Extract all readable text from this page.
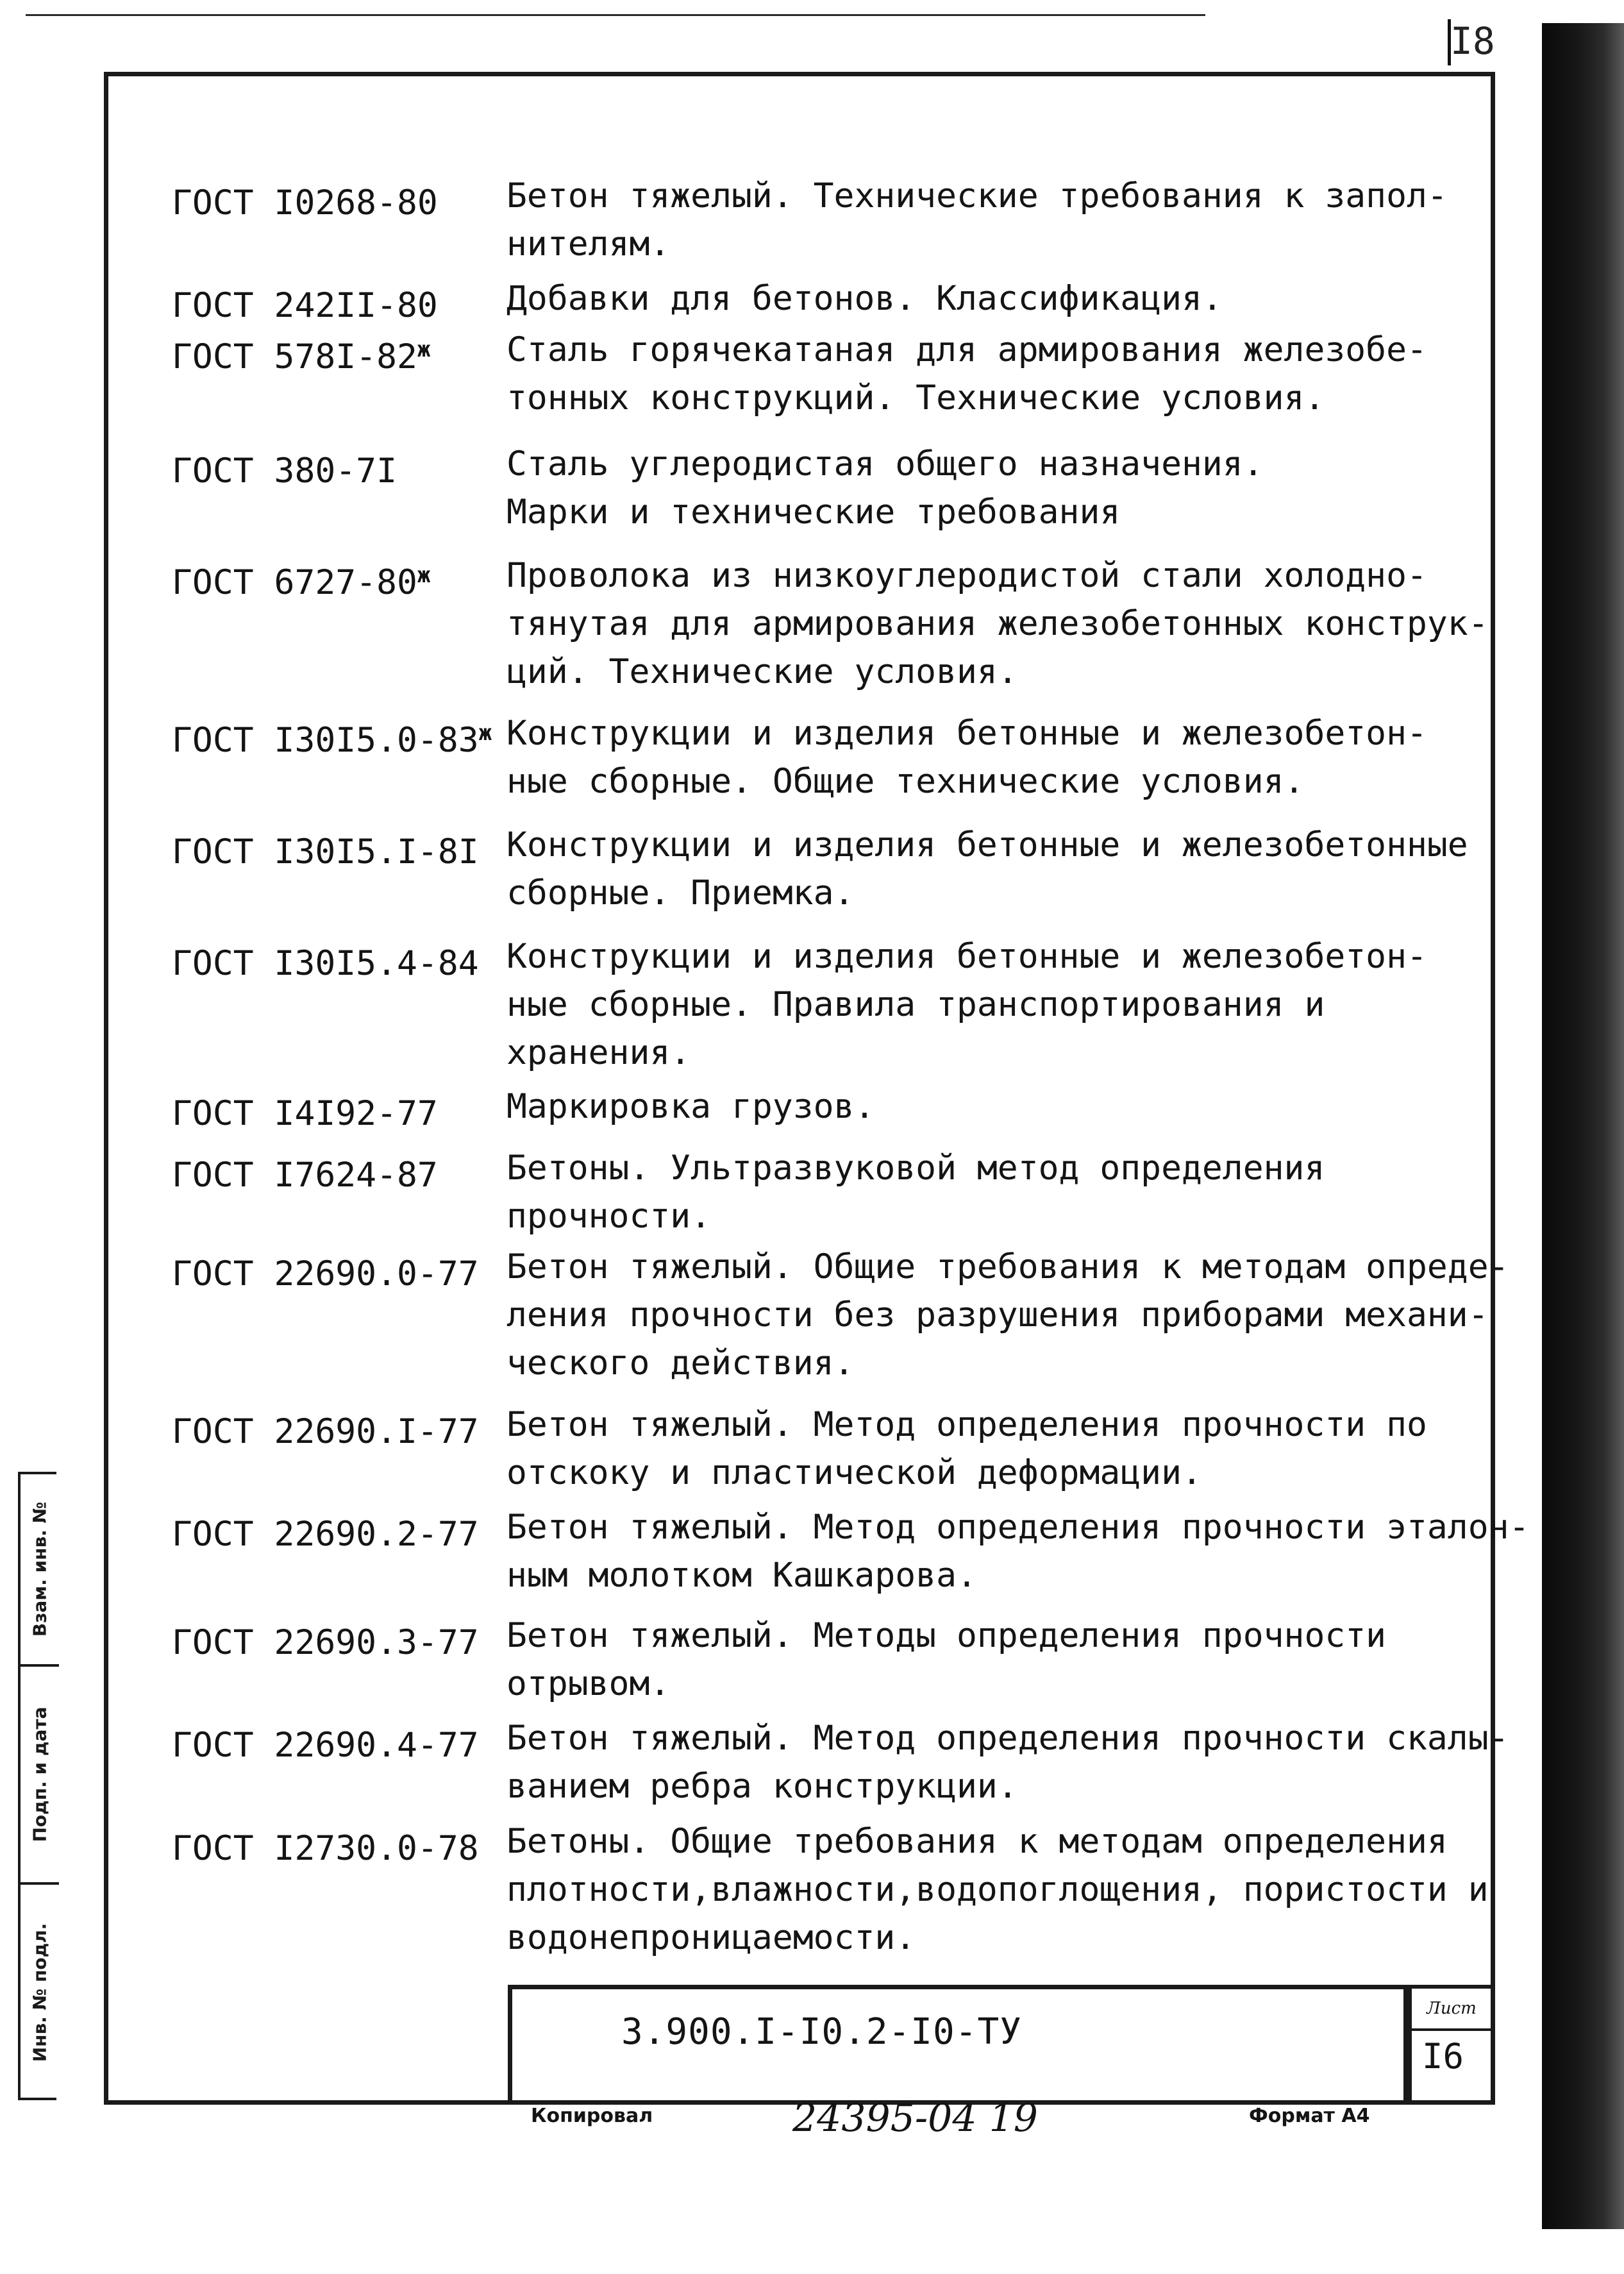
I8
Взам. инв. №
Подп. и дата
Инв. № подл.
ГОСТ I0268-80 Бетон тяжелый. Технические требования к запол-
нителям.
ГОСТ 242II-80 Добавки для бетонов. Классификация.
ГОСТ $578I-82^ж$ Сталь горячекатаная для армирования железобе-
тонных конструкций. Технические условия.
ГОСТ 380-7I	Сталь углеродистая общего назначения.
Марки и технические требования
ГОСТ $6727-80^ж$ Проволока из низкоуглеродистой стали холодно-
тянутая для армирования железобетонных конструк-
ций. Технические условия.
ГОСТ $I30I5.0-83^ж$ Конструкции и изделия бетонные и железобетон-
ные сборные. Общие технические условия.
ГОСТ I30I5.I-8I Конструкции и изделия бетонные и железобетонные
сборные. Приемка.
ГОСТ I30I5.4-84 Конструкции и изделия бетонные и железобетон-
ные сборные. Правила транспортирования и
хранения.
ГОСТ I4I92-77 Маркировка грузов.
ГОСТ I7624-87 Бетоны. Ультразвуковой метод определения
прочности.
ГОСТ 22690.0-77 Бетон тяжелый. Общие требования к методам опреде-
ления прочности без разрушения приборами механи-
ческого действия.
ГОСТ 22690.I-77 Бетон тяжелый. Метод определения прочности по
отскоку и пластической деформации.
ГОСТ 22690.2-77 Бетон тяжелый. Метод определения прочности эталон-
ным молотком Кашкарова.
ГОСТ 22690.3-77 Бетон тяжелый. Методы определения прочности
отрывом.
ГОСТ 22690.4-77 Бетон тяжелый. Метод определения прочности скалы-
ванием ребра конструкции.
ГОСТ I2730.0-78 Бетоны. Общие требования к методам определения
плотности,влажности,водопоглощения, пористости и
водонепроницаемости.
3.900.I-I0.2-I0-ТУ
Лист
I6
Копировал	24395-04 19	Формат А4
